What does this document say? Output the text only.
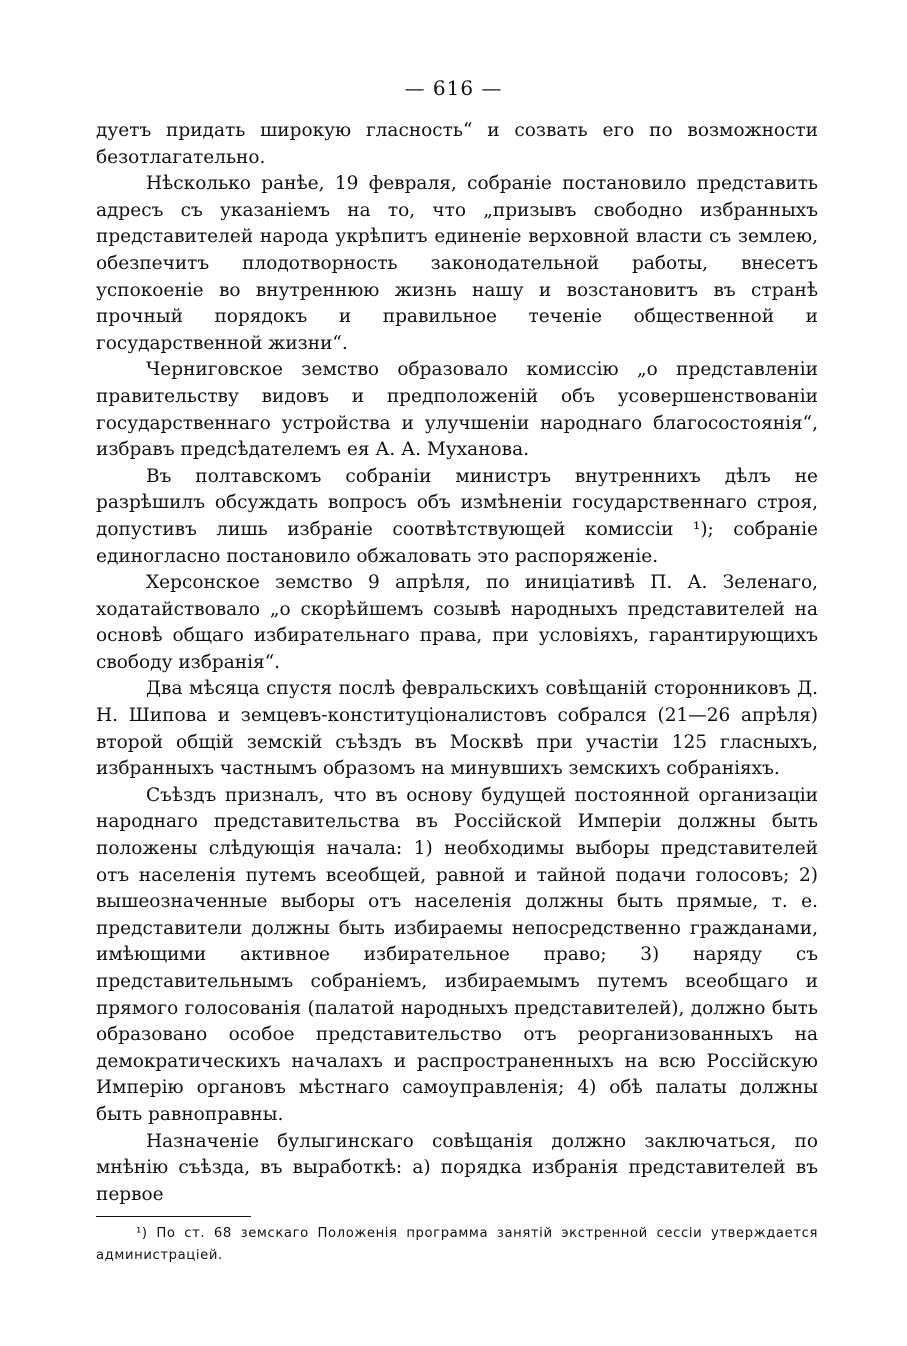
— 616 —

дуетъ придать широкую гласность“ и созвать его по возможности безотлагательно.

Нѣсколько ранѣе, 19 февраля, собраніе постановило представить адресъ съ указаніемъ на то, что „призывъ свободно избранныхъ представителей народа укрѣпитъ единеніе верховной власти съ землею, обезпечитъ плодотворность законодательной работы, внесетъ успокоеніе во внутреннюю жизнь нашу и возстановитъ въ странѣ прочный порядокъ и правильное теченіе общественной и государственной жизни“.

Черниговское земство образовало комиссію „о представленіи правительству видовъ и предположеній объ усовершенствованіи государственнаго устройства и улучшеніи народнаго благосостоянія“, избравъ предсѣдателемъ ея А. А. Муханова.

Въ полтавскомъ собраніи министръ внутреннихъ дѣлъ не разрѣшилъ обсуждать вопросъ объ измѣненіи государственнаго строя, допустивъ лишь избраніе соотвѣтствующей комиссіи ¹); собраніе единогласно постановило обжаловать это распоряженіе.

Херсонское земство 9 апрѣля, по иниціативѣ П. А. Зеленаго, ходатайствовало „о скорѣйшемъ созывѣ народныхъ представителей на основѣ общаго избирательнаго права, при условіяхъ, гарантирующихъ свободу избранія“.

Два мѣсяца спустя послѣ февральскихъ совѣщаній сторонниковъ Д. Н. Шипова и земцевъ-конституціоналистовъ собрался (21—26 апрѣля) второй общій земскій съѣздъ въ Москвѣ при участіи 125 гласныхъ, избранныхъ частнымъ образомъ на минувшихъ земскихъ собраніяхъ.

Съѣздъ призналъ, что въ основу будущей постоянной организаціи народнаго представительства въ Россійской Имперіи должны быть положены слѣдующія начала: 1) необходимы выборы представителей отъ населенія путемъ всеобщей, равной и тайной подачи голосовъ; 2) вышеозначенные выборы отъ населенія должны быть прямые, т. е. представители должны быть избираемы непосредственно гражданами, имѣющими активное избирательное право; 3) наряду съ представительнымъ собраніемъ, избираемымъ путемъ всеобщаго и прямого голосованія (палатой народныхъ представителей), должно быть образовано особое представительство отъ реорганизованныхъ на демократическихъ началахъ и распространенныхъ на всю Россійскую Имперію органовъ мѣстнаго самоуправленія; 4) обѣ палаты должны быть равноправны.

Назначеніе булыгинскаго совѣщанія должно заключаться, по мнѣнію съѣзда, въ выработкѣ: а) порядка избранія представителей въ первое

¹) По ст. 68 земскаго Положенія программа занятій экстренной сессіи утверждается администраціей.
